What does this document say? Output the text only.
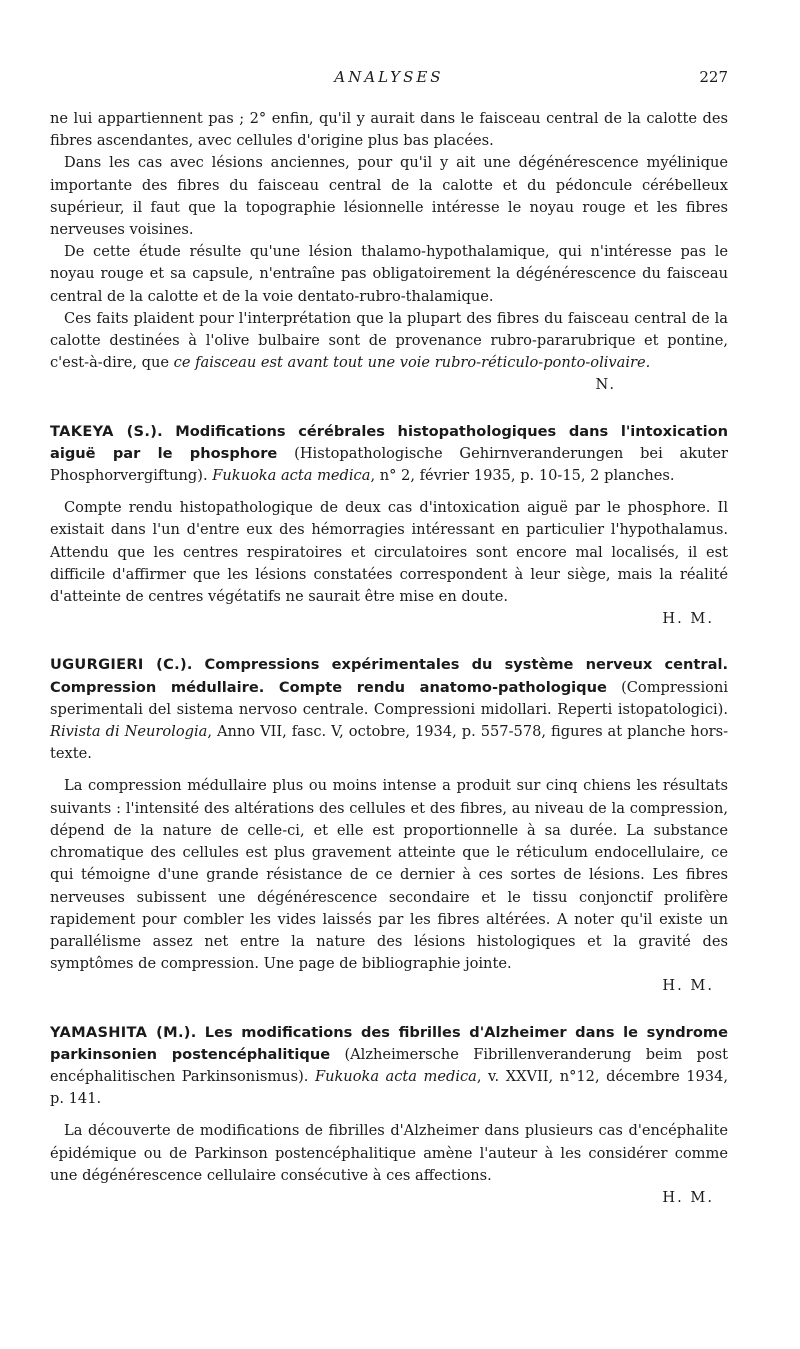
ANALYSES	227

ne lui appartiennent pas ; 2° enfin, qu'il y aurait dans le faisceau central de la calotte des fibres ascendantes, avec cellules d'origine plus bas placées.

Dans les cas avec lésions anciennes, pour qu'il y ait une dégénérescence myélinique importante des fibres du faisceau central de la calotte et du pédoncule cérébelleux supérieur, il faut que la topographie lésionnelle intéresse le noyau rouge et les fibres nerveuses voisines.

De cette étude résulte qu'une lésion thalamo-hypothalamique, qui n'intéresse pas le noyau rouge et sa capsule, n'entraîne pas obligatoirement la dégénérescence du faisceau central de la calotte et de la voie dentato-rubro-thalamique.

Ces faits plaident pour l'interprétation que la plupart des fibres du faisceau central de la calotte destinées à l'olive bulbaire sont de provenance rubro-pararubrique et pontine, c'est-à-dire, que ce faisceau est avant tout une voie rubro-réticulo-ponto-olivaire.

N.

TAKEYA (S.). Modifications cérébrales histopathologiques dans l'intoxication aiguë par le phosphore (Histopathologische Gehirnveranderungen bei akuter Phosphorvergiftung). Fukuoka acta medica, n° 2, février 1935, p. 10-15, 2 planches.

Compte rendu histopathologique de deux cas d'intoxication aiguë par le phosphore. Il existait dans l'un d'entre eux des hémorragies intéressant en particulier l'hypothalamus. Attendu que les centres respiratoires et circulatoires sont encore mal localisés, il est difficile d'affirmer que les lésions constatées correspondent à leur siège, mais la réalité d'atteinte de centres végétatifs ne saurait être mise en doute.

H. M.

UGURGIERI (C.). Compressions expérimentales du système nerveux central. Compression médullaire. Compte rendu anatomo-pathologique (Compressioni sperimentali del sistema nervoso centrale. Compressioni midollari. Reperti istopatologici). Rivista di Neurologia, Anno VII, fasc. V, octobre, 1934, p. 557-578, figures at planche hors-texte.

La compression médullaire plus ou moins intense a produit sur cinq chiens les résultats suivants : l'intensité des altérations des cellules et des fibres, au niveau de la compression, dépend de la nature de celle-ci, et elle est proportionnelle à sa durée. La substance chromatique des cellules est plus gravement atteinte que le réticulum endocellulaire, ce qui témoigne d'une grande résistance de ce dernier à ces sortes de lésions. Les fibres nerveuses subissent une dégénérescence secondaire et le tissu conjonctif prolifère rapidement pour combler les vides laissés par les fibres altérées. A noter qu'il existe un parallélisme assez net entre la nature des lésions histologiques et la gravité des symptômes de compression. Une page de bibliographie jointe.

H. M.

YAMASHITA (M.). Les modifications des fibrilles d'Alzheimer dans le syndrome parkinsonien postencéphalitique (Alzheimersche Fibrillenveranderung beim post encéphalitischen Parkinsonismus). Fukuoka acta medica, v. XXVII, n°12, décembre 1934, p. 141.

La découverte de modifications de fibrilles d'Alzheimer dans plusieurs cas d'encéphalite épidémique ou de Parkinson postencéphalitique amène l'auteur à les considérer comme une dégénérescence cellulaire consécutive à ces affections.

H. M.
